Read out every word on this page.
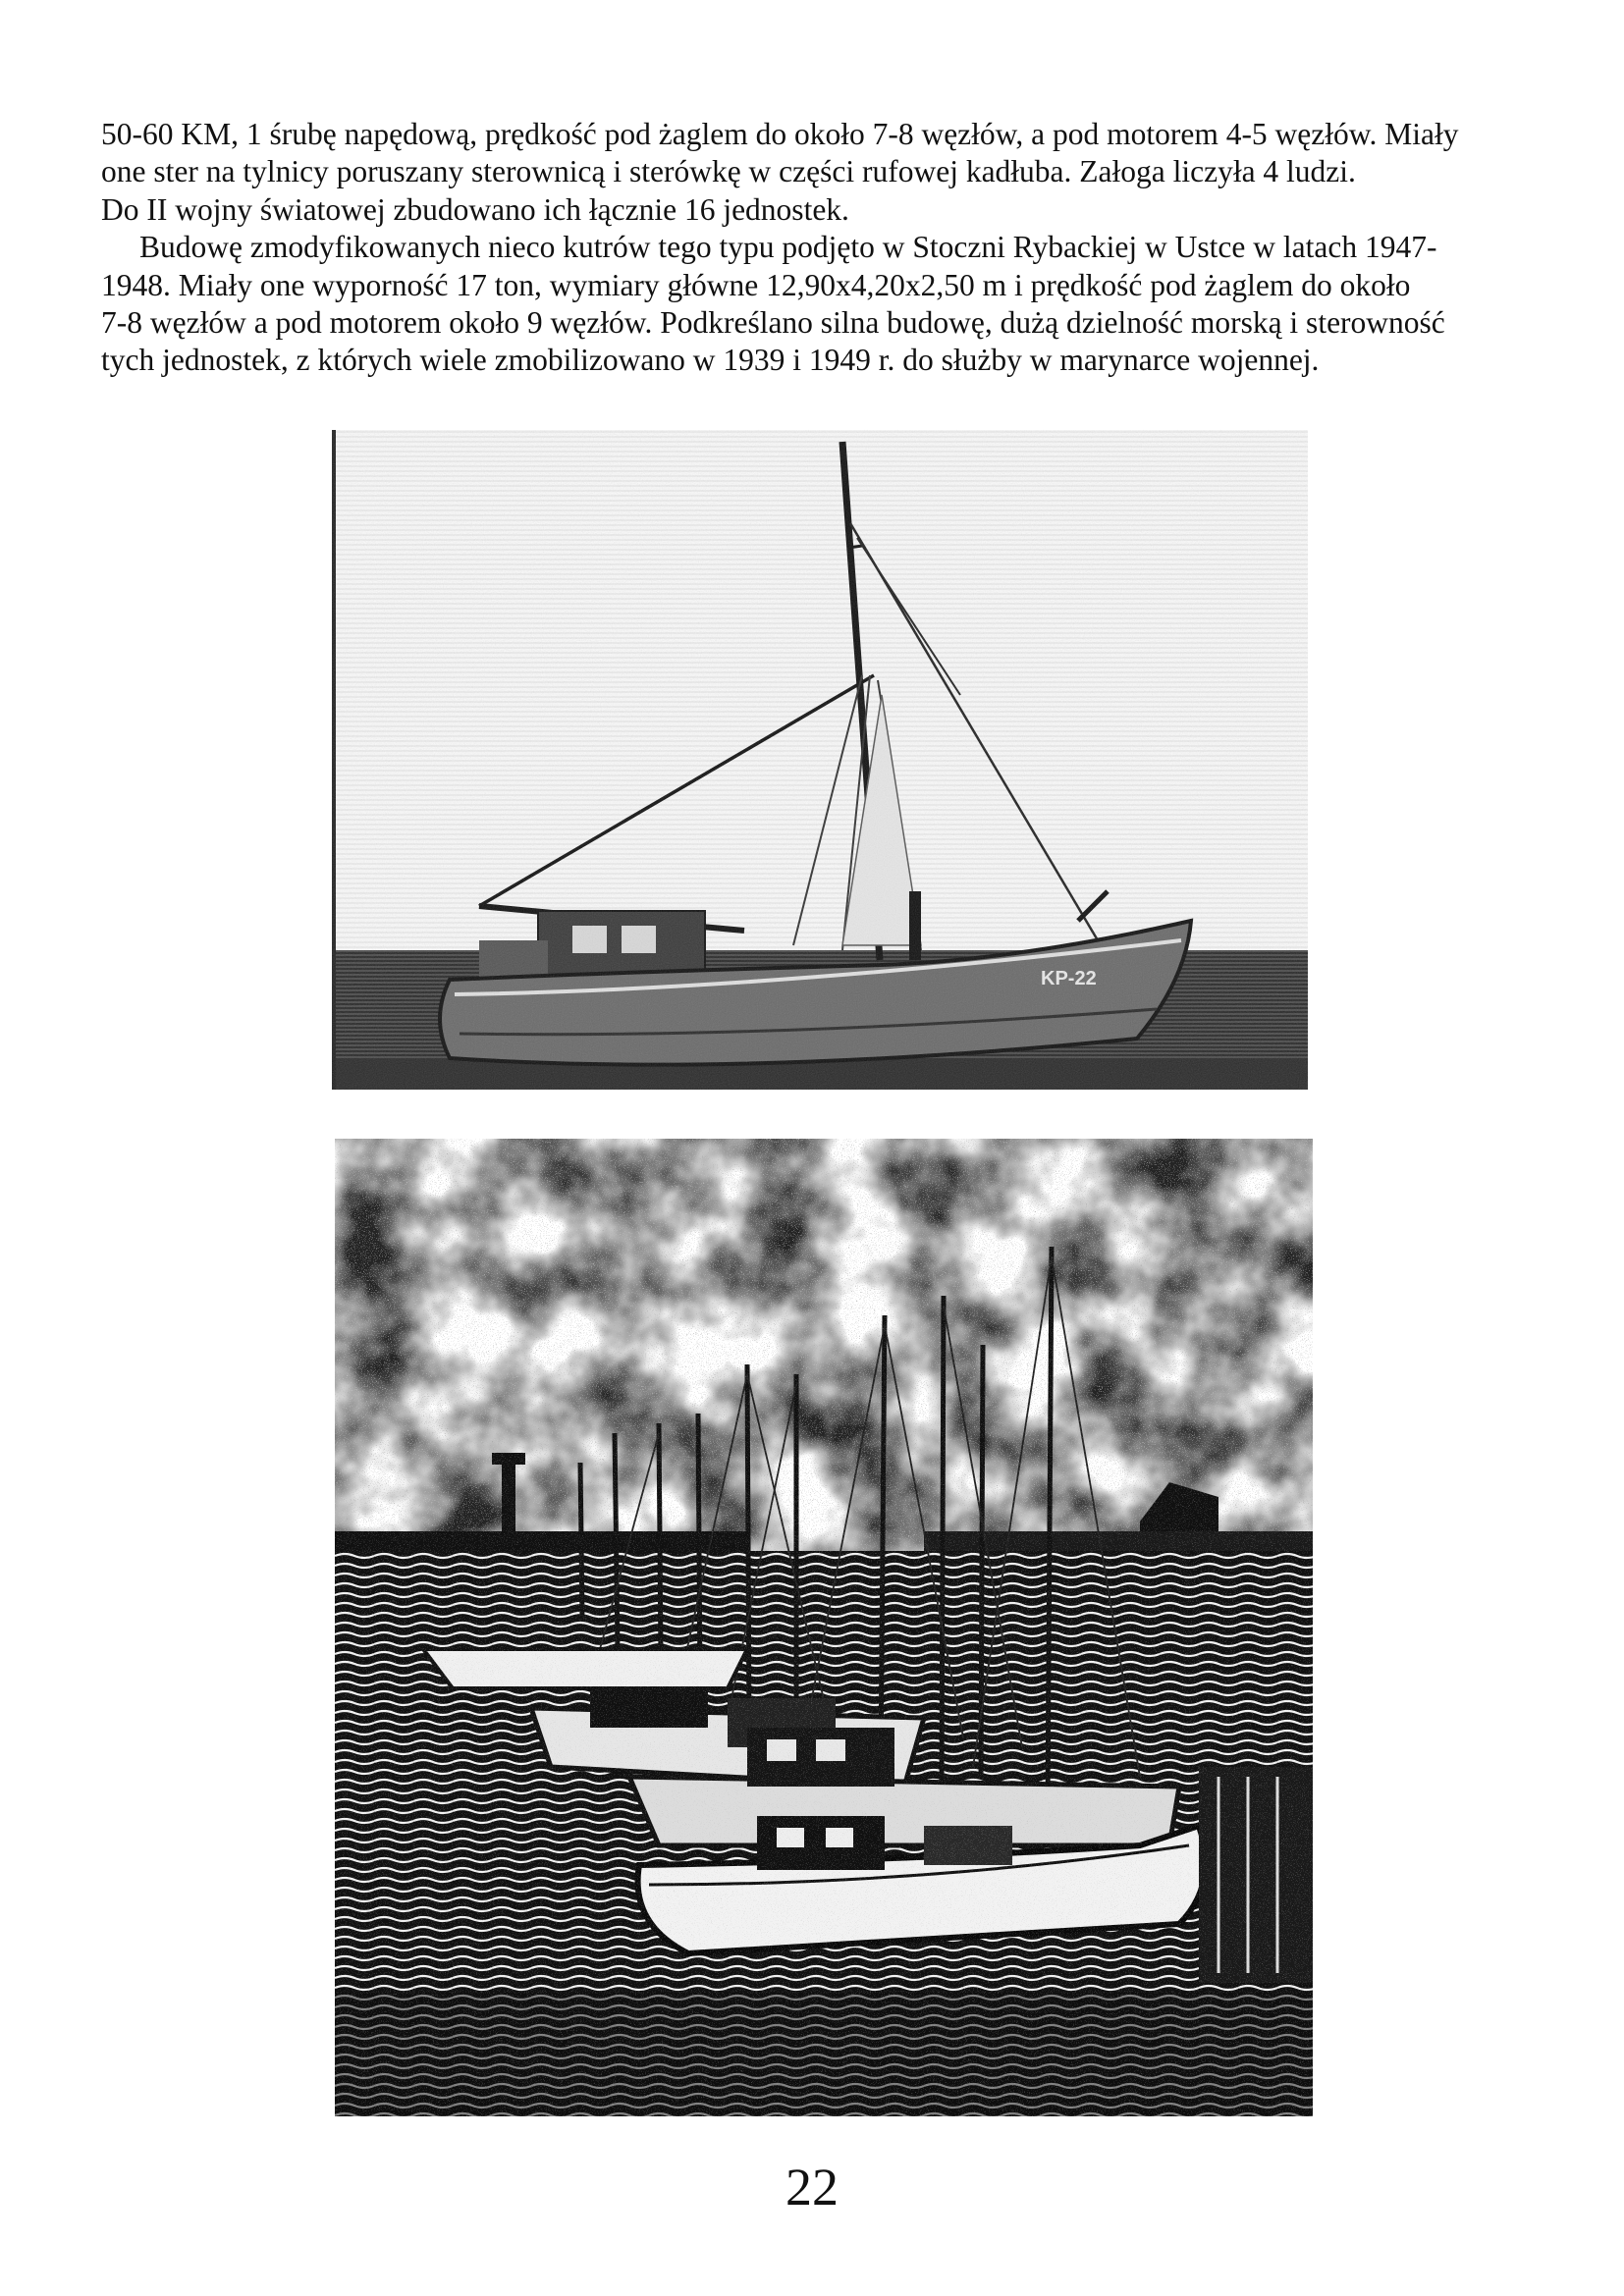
50-60 KM, 1 śrubę napędową, prędkość pod żaglem do około 7-8 węzłów, a pod motorem 4-5 węzłów. Miały
one ster na tylnicy poruszany sterownicą i sterówkę w części rufowej kadłuba. Załoga liczyła 4 ludzi.
Do II wojny światowej zbudowano ich łącznie 16 jednostek.

Budowę zmodyfikowanych nieco kutrów tego typu podjęto w Stoczni Rybackiej w Ustce w latach 1947-
1948. Miały one wyporność 17 ton, wymiary główne 12,90x4,20x2,50 m i prędkość pod żaglem do około
7-8 węzłów a pod motorem około 9 węzłów. Podkreślano silna budowę, dużą dzielność morską i sterowność
tych jednostek, z których wiele zmobilizowano w 1939 i 1949 r. do służby w marynarce wojennej.

22
